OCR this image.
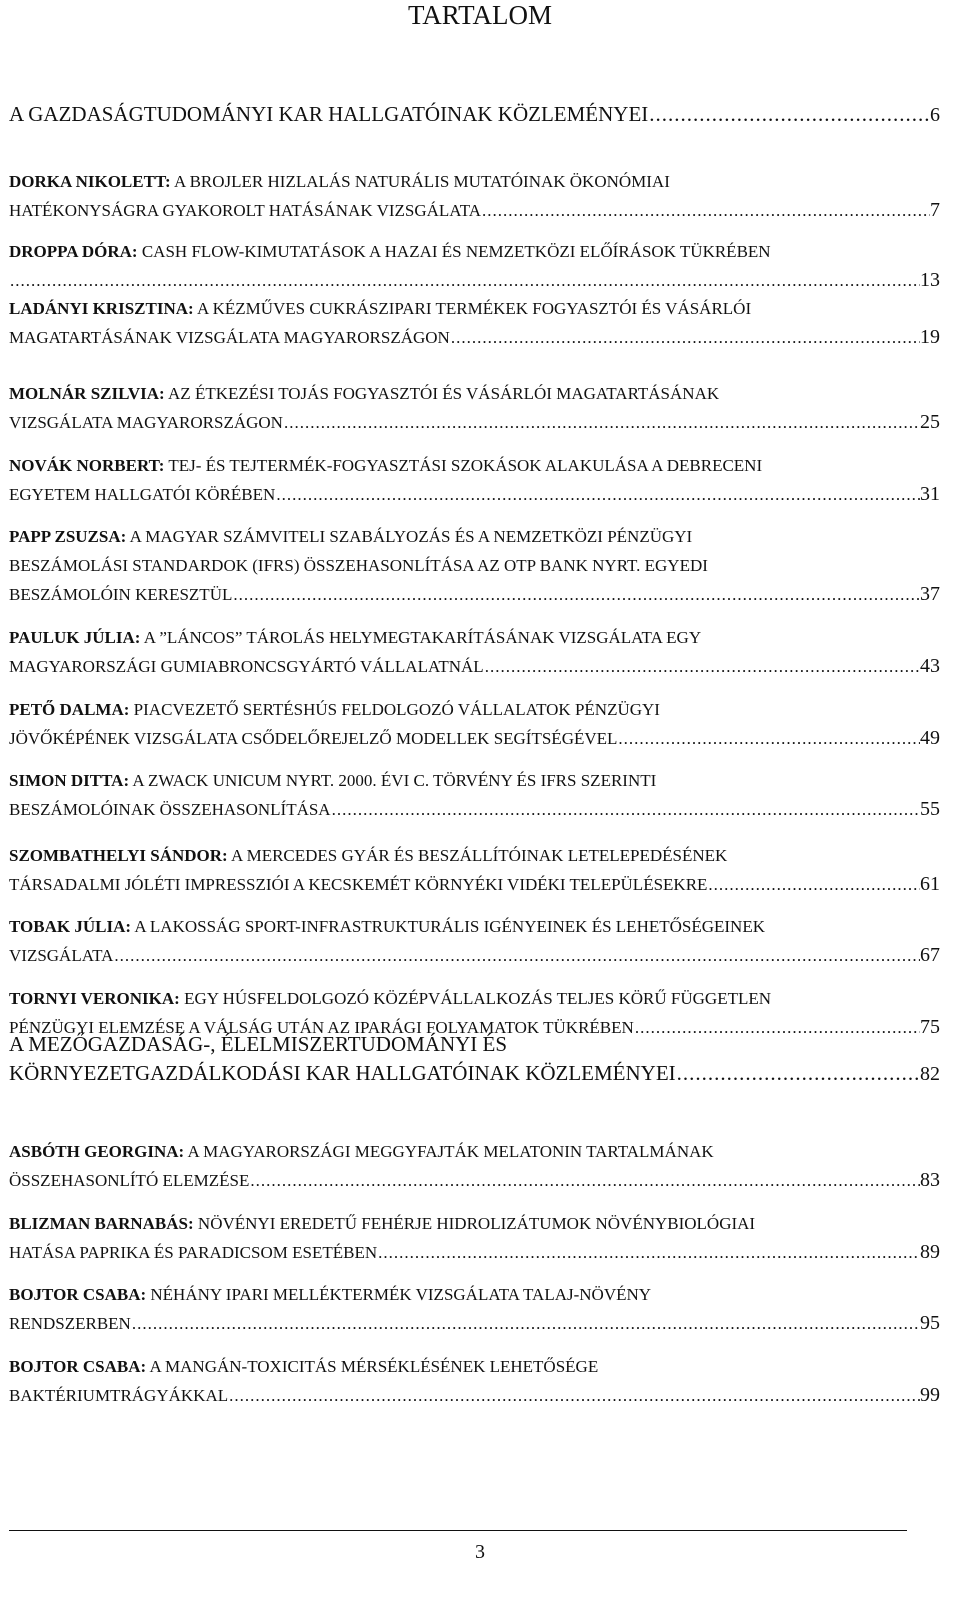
TARTALOM
A GAZDASÁGTUDOMÁNYI KAR HALLGATÓINAK KÖZLEMÉNYEI .....	6
DORKA NIKOLETT: A BROJLER HIZLALÁS NATURÁLIS MUTATÓINAK ÖKONÓMIAI
HATÉKONYSÁGRA GYAKOROLT HATÁSÁNAK VIZSGÁLATA .....	7
DROPPA DÓRA: CASH FLOW-KIMUTATÁSOK A HAZAI ÉS NEMZETKÖZI ELŐÍRÁSOK TÜKRÉBEN
.....
13
LADÁNYI KRISZTINA: A KÉZMŰVES CUKRÁSZIPARI TERMÉKEK FOGYASZTÓI ÉS VÁSÁRLÓI
MAGATARTÁSÁNAK VIZSGÁLATA MAGYARORSZÁGON .....	19
MOLNÁR SZILVIA: AZ ÉTKEZÉSI TOJÁS FOGYASZTÓI ÉS VÁSÁRLÓI MAGATARTÁSÁNAK
VIZSGÁLATA MAGYARORSZÁGON .....	25
NOVÁK NORBERT: TEJ- ÉS TEJTERMÉK-FOGYASZTÁSI SZOKÁSOK ALAKULÁSA A DEBRECENI
EGYETEM HALLGATÓI KÖRÉBEN .....	31
PAPP ZSUZSA: A MAGYAR SZÁMVITELI SZABÁLYOZÁS ÉS A NEMZETKÖZI PÉNZÜGYI
BESZÁMOLÁSI STANDARDOK (IFRS) ÖSSZEHASONLÍTÁSA AZ OTP BANK NYRT. EGYEDI
BESZÁMOLÓIN KERESZTÜL .....	37
PAULUK JÚLIA: A ”LÁNCOS” TÁROLÁS HELYMEGTAKARÍTÁSÁNAK VIZSGÁLATA EGY
MAGYARORSZÁGI GUMIABRONCSGYÁRTÓ VÁLLALATNÁL .....	43
PETŐ DALMA: PIACVEZETŐ SERTÉSHÚS FELDOLGOZÓ VÁLLALATOK PÉNZÜGYI
JÖVŐKÉPÉNEK VIZSGÁLATA CSŐDELŐREJELZŐ MODELLEK SEGÍTSÉGÉVEL .....	49
SIMON DITTA: A ZWACK UNICUM NYRT. 2000. ÉVI C. TÖRVÉNY ÉS IFRS SZERINTI
BESZÁMOLÓINAK ÖSSZEHASONLÍTÁSA .....	55
SZOMBATHELYI SÁNDOR: A MERCEDES GYÁR ÉS BESZÁLLÍTÓINAK LETELEPEDÉSÉNEK
TÁRSADALMI JÓLÉTI IMPRESSZIÓI A KECSKEMÉT KÖRNYÉKI VIDÉKI TELEPÜLÉSEKRE .....	61
TOBAK JÚLIA: A LAKOSSÁG SPORT-INFRASTRUKTURÁLIS IGÉNYEINEK ÉS LEHETŐSÉGEINEK
VIZSGÁLATA .....	67
TORNYI VERONIKA: EGY HÚSFELDOLGOZÓ KÖZÉPVÁLLALKOZÁS TELJES KÖRŰ FÜGGETLEN
PÉNZÜGYI ELEMZÉSE A VÁLSÁG UTÁN AZ IPARÁGI FOLYAMATOK TÜKRÉBEN .....	75
A MEZŐGAZDASÁG-, ÉLELMISZERTUDOMÁNYI ÉS
KÖRNYEZETGAZDÁLKODÁSI KAR HALLGATÓINAK KÖZLEMÉNYEI .....	82
ASBÓTH GEORGINA: A MAGYARORSZÁGI MEGGYFAJTÁK MELATONIN TARTALMÁNAK
ÖSSZEHASONLÍTÓ ELEMZÉSE .....	83
BLIZMAN BARNABÁS: NÖVÉNYI EREDETŰ FEHÉRJE HIDROLIZÁTUMOK NÖVÉNYBIOLÓGIAI
HATÁSA PAPRIKA ÉS PARADICSOM ESETÉBEN .....	89
BOJTOR CSABA: NÉHÁNY IPARI MELLÉKTERMÉK VIZSGÁLATA TALAJ-NÖVÉNY
RENDSZERBEN .....	95
BOJTOR CSABA: A MANGÁN-TOXICITÁS MÉRSÉKLÉSÉNEK LEHETŐSÉGE
BAKTÉRIUMTRÁGYÁKKAL .....	99
3
